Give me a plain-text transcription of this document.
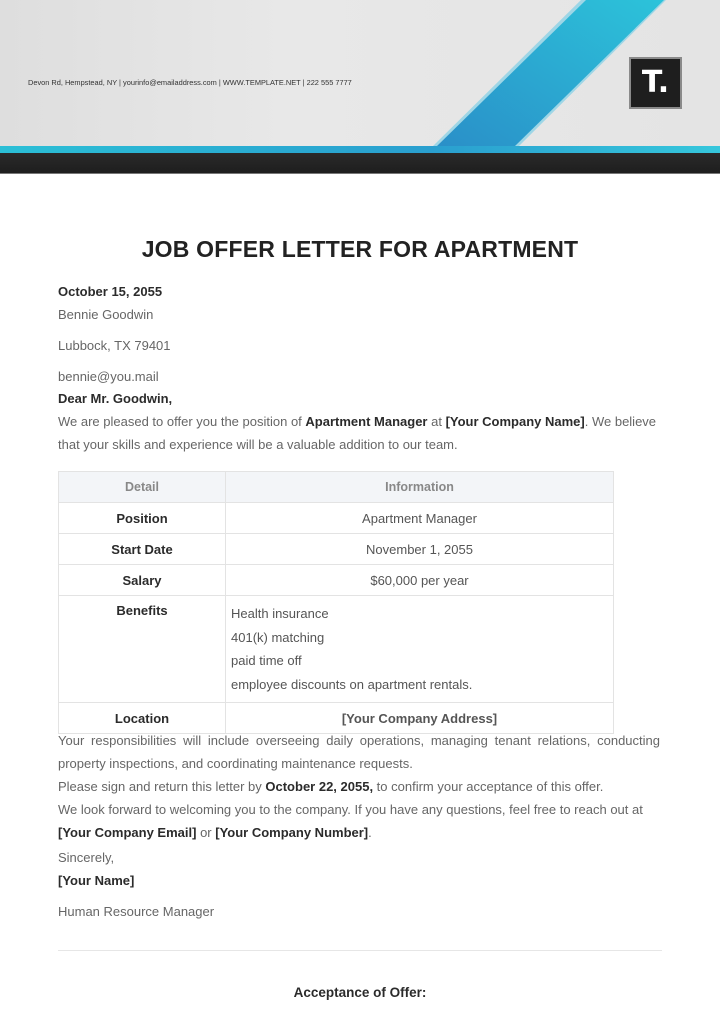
Devon Rd, Hempstead, NY | yourinfo@emailaddress.com | WWW.TEMPLATE.NET | 222 555 7777	T.
JOB OFFER LETTER FOR APARTMENT
October 15, 2055
Bennie Goodwin
Lubbock, TX 79401
bennie@you.mail
Dear Mr. Goodwin,
We are pleased to offer you the position of Apartment Manager at [Your Company Name]. We believe that your skills and experience will be a valuable addition to our team.
Detail	Information
Position	Apartment Manager
Start Date	November 1, 2055
Salary	$60,000 per year
Benefits	Health insurance
401(k) matching
paid time off
employee discounts on apartment rentals.

Location	[Your Company Address]
Your responsibilities will include overseeing daily operations, managing tenant relations, conducting property inspections, and coordinating maintenance requests.
Please sign and return this letter by October 22, 2055, to confirm your acceptance of this offer.
We look forward to welcoming you to the company. If you have any questions, feel free to reach out at [Your Company Email] or [Your Company Number].
Sincerely,
[Your Name]
Human Resource Manager
Acceptance of Offer:
